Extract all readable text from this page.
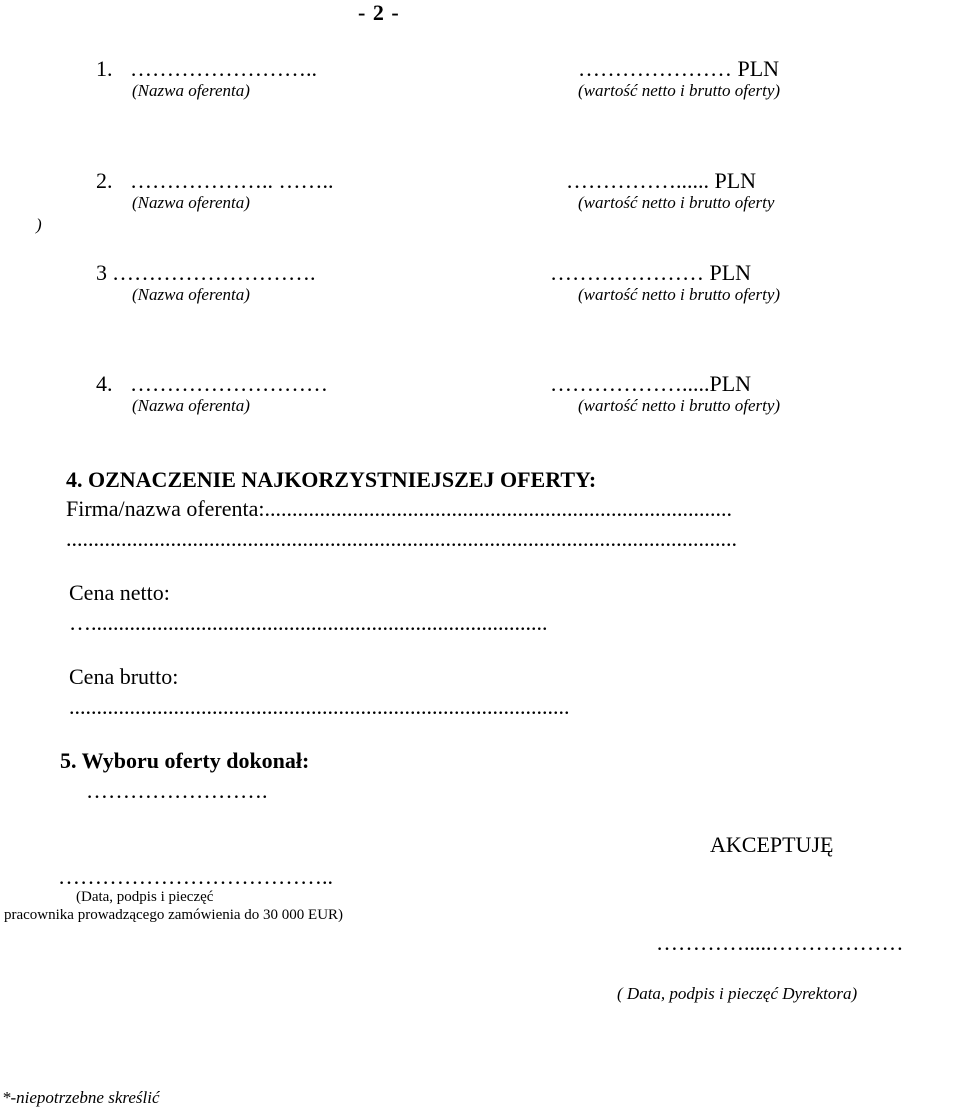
- 2 -
1. ……………………..	………………… PLN
(Nazwa oferenta)	(wartość netto i brutto oferty)
2. ……………….. ……..	……………...... PLN
(Nazwa oferenta)	(wartość netto i brutto oferty
)
3 ……………………….	………………… PLN
(Nazwa oferenta)	(wartość netto i brutto oferty)
4. ………………………	……………….....PLN
(Nazwa oferenta)	(wartość netto i brutto oferty)
4. OZNACZENIE NAJKORZYSTNIEJSZEJ OFERTY:
Firma/nazwa oferenta:.....................................................................................
..........................................................................................................................
Cena netto:
…...................................................................................
Cena brutto:
...........................................................................................
5. Wyboru oferty dokonał:
…………………….
AKCEPTUJĘ
………………………………..
(Data, podpis i pieczęć
pracownika prowadzącego zamówienia do 30 000 EUR)
………….....………………
( Data, podpis i pieczęć Dyrektora)
*-niepotrzebne skreślić
